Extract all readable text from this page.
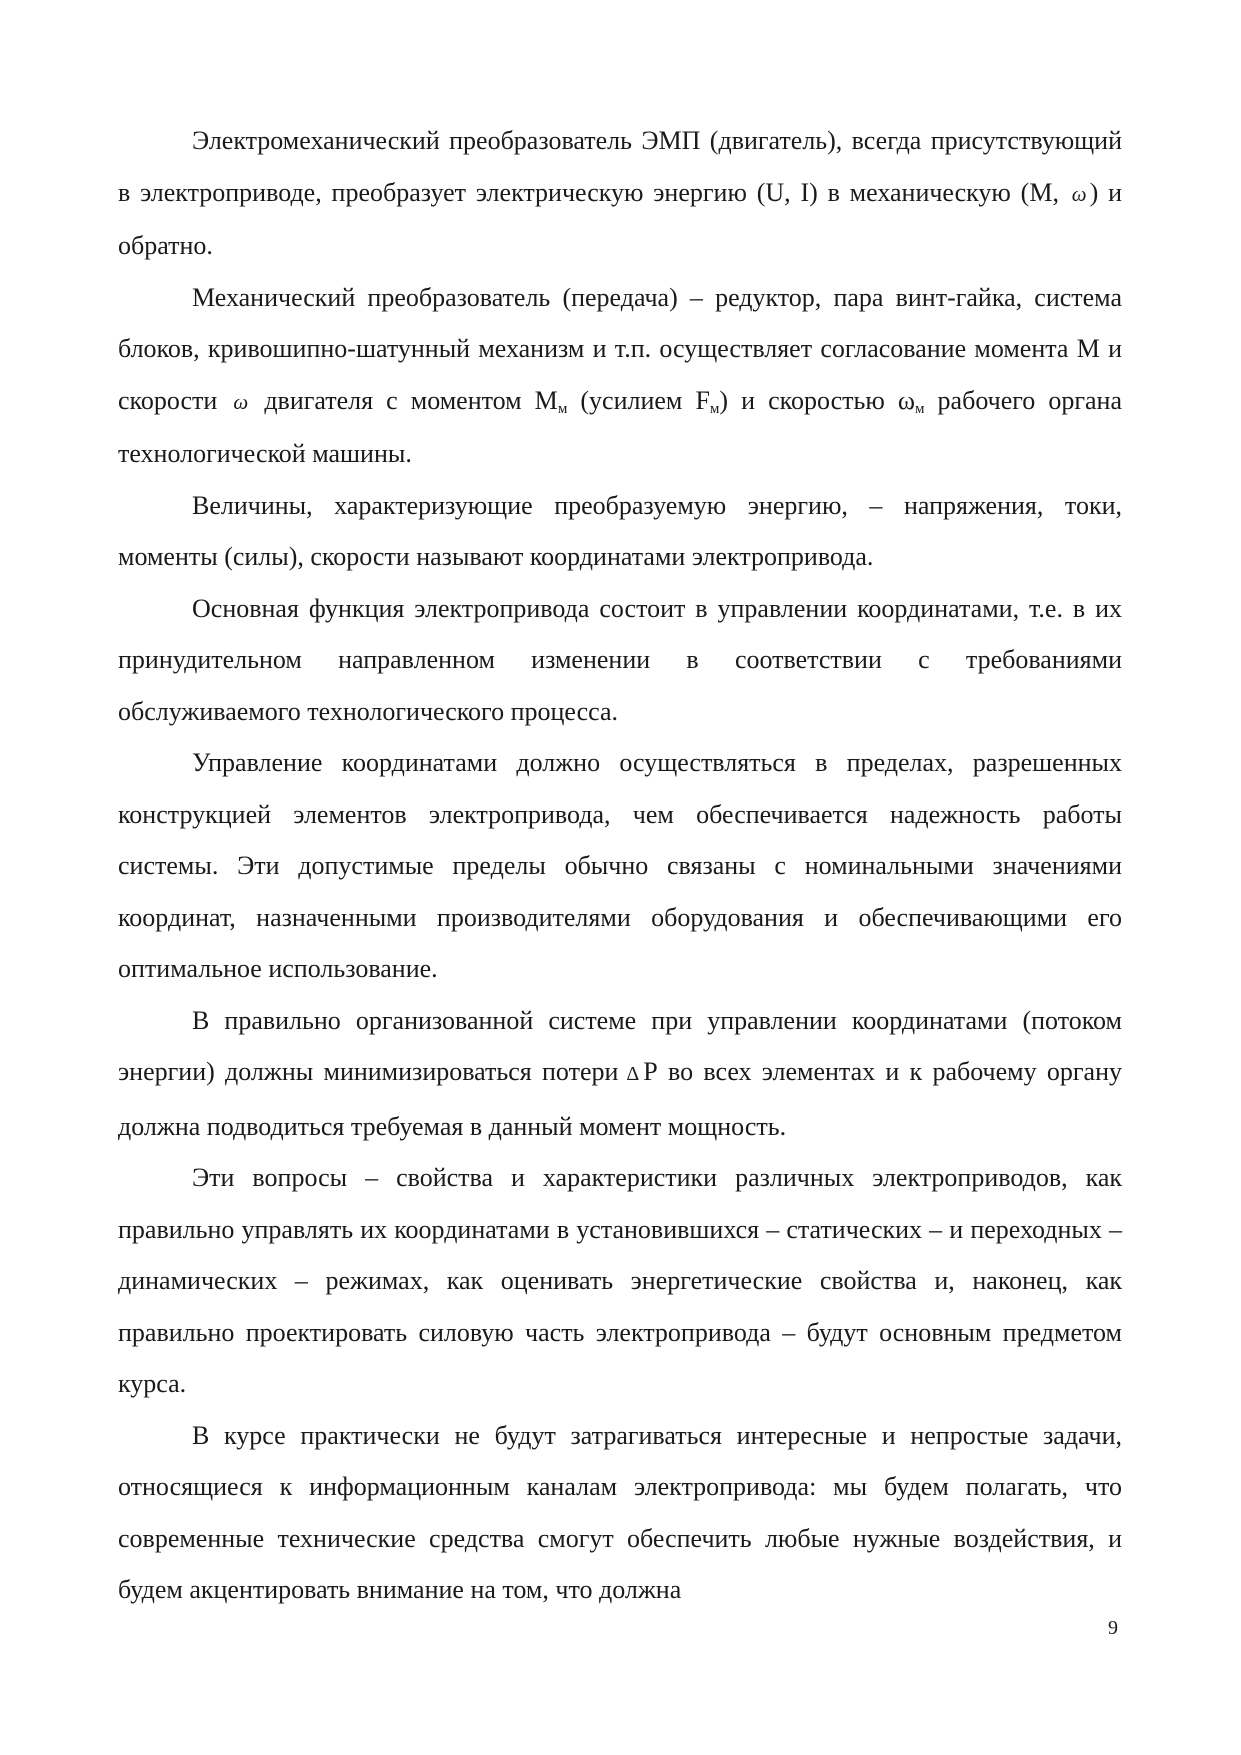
Электромеханический преобразователь ЭМП (двигатель), всегда присутствующий в электроприводе, преобразует электрическую энергию (U, I) в механическую (М, ω ) и обратно.

Механический преобразователь (передача) – редуктор, пара винт-гайка, система блоков, кривошипно-шатунный механизм и т.п. осуществляет согласование момента М и скорости ω двигателя с моментом $М_м$ (усилием $F_м$) и скоростью $\omega_м$ рабочего органа технологической машины.

Величины, характеризующие преобразуемую энергию, – напряжения, токи, моменты (силы), скорости называют координатами электропривода.

Основная функция электропривода состоит в управлении координатами, т.е. в их принудительном направленном изменении в соответствии с требованиями обслуживаемого технологического процесса.

Управление координатами должно осуществляться в пределах, разрешенных конструкцией элементов электропривода, чем обеспечивается надежность работы системы. Эти допустимые пределы обычно связаны с номинальными значениями координат, назначенными производителями оборудования и обеспечивающими его оптимальное использование.

В правильно организованной системе при управлении координатами (потоком энергии) должны минимизироваться потери Δ Р во всех элементах и к рабочему органу должна подводиться требуемая в данный момент мощность.

Эти вопросы – свойства и характеристики различных электроприводов, как правильно управлять их координатами в установившихся – статических – и переходных – динамических – режимах, как оценивать энергетические свойства и, наконец, как правильно проектировать силовую часть электропривода – будут основным предметом курса.

В курсе практически не будут затрагиваться интересные и непростые задачи, относящиеся к информационным каналам электропривода: мы будем полагать, что современные технические средства смогут обеспечить любые нужные воздействия, и будем акцентировать внимание на том, что должна

9
